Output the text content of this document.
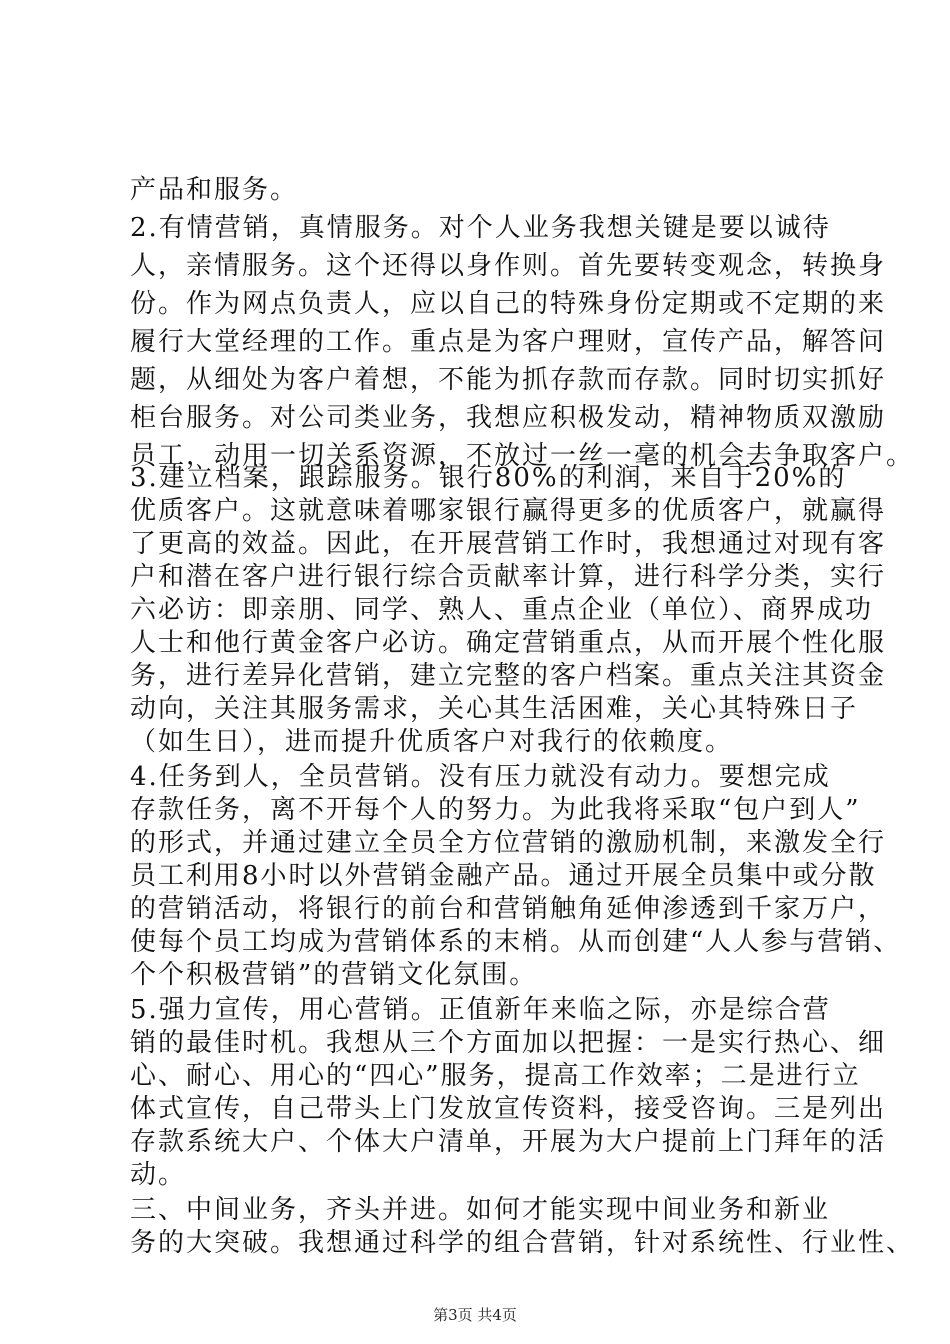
产品和服务。

2.有情营销，真情服务。对个人业务我想关键是要以诚待

人，亲情服务。这个还得以身作则。首先要转变观念，转换身

份。作为网点负责人，应以自己的特殊身份定期或不定期的来

履行大堂经理的工作。重点是为客户理财，宣传产品，解答问

题，从细处为客户着想，不能为抓存款而存款。同时切实抓好

柜台服务。对公司类业务，我想应积极发动，精神物质双激励

员工，动用一切关系资源，不放过一丝一毫的机会去争取客户。

3.建立档案，跟踪服务。银行80%的利润，来自于20%的

优质客户。这就意味着哪家银行赢得更多的优质客户，就赢得

了更高的效益。因此，在开展营销工作时，我想通过对现有客

户和潜在客户进行银行综合贡献率计算，进行科学分类，实行

六必访：即亲朋、同学、熟人、重点企业（单位）、商界成功

人士和他行黄金客户必访。确定营销重点，从而开展个性化服

务，进行差异化营销，建立完整的客户档案。重点关注其资金

动向，关注其服务需求，关心其生活困难，关心其特殊日子

（如生日），进而提升优质客户对我行的依赖度。

4.任务到人，全员营销。没有压力就没有动力。要想完成

存款任务，离不开每个人的努力。为此我将采取“包户到人”

的形式，并通过建立全员全方位营销的激励机制，来激发全行

员工利用8小时以外营销金融产品。通过开展全员集中或分散

的营销活动，将银行的前台和营销触角延伸渗透到千家万户，

使每个员工均成为营销体系的末梢。从而创建“人人参与营销、

个个积极营销”的营销文化氛围。

5.强力宣传，用心营销。正值新年来临之际，亦是综合营

销的最佳时机。我想从三个方面加以把握：一是实行热心、细

心、耐心、用心的“四心”服务，提高工作效率；二是进行立

体式宣传，自己带头上门发放宣传资料，接受咨询。三是列出

存款系统大户、个体大户清单，开展为大户提前上门拜年的活

动。

三、中间业务，齐头并进。如何才能实现中间业务和新业

务的大突破。我想通过科学的组合营销，针对系统性、行业性、

第3页 共4页
